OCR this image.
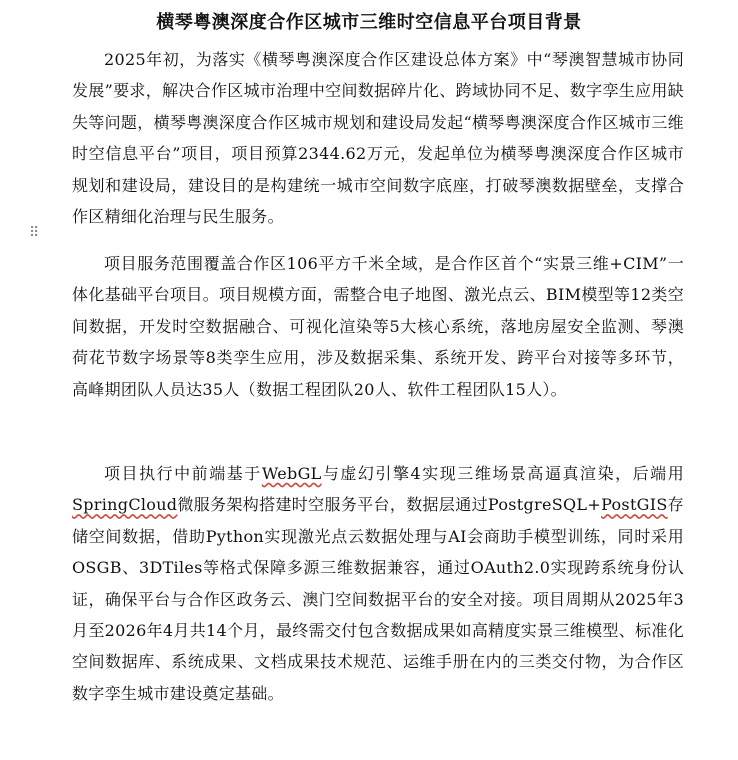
横琴粤澳深度合作区城市三维时空信息平台项目背景
⠿
2025年初，为落实《横琴粤澳深度合作区建设总体方案》中“琴澳智慧城市协同发展”要求，解决合作区城市治理中空间数据碎片化、跨域协同不足、数字孪生应用缺失等问题，横琴粤澳深度合作区城市规划和建设局发起“横琴粤澳深度合作区城市三维时空信息平台”项目，项目预算2344.62万元，发起单位为横琴粤澳深度合作区城市规划和建设局，建设目的是构建统一城市空间数字底座，打破琴澳数据壁垒，支撑合作区精细化治理与民生服务。
项目服务范围覆盖合作区106平方千米全域，是合作区首个“实景三维+CIM”一体化基础平台项目。项目规模方面，需整合电子地图、激光点云、BIM模型等12类空间数据，开发时空数据融合、可视化渲染等5大核心系统，落地房屋安全监测、琴澳荷花节数字场景等8类孪生应用，涉及数据采集、系统开发、跨平台对接等多环节，高峰期团队人员达35人（数据工程团队20人、软件工程团队15人）。
项目执行中前端基于WebGL与虚幻引擎4实现三维场景高逼真渲染，后端用SpringCloud微服务架构搭建时空服务平台，数据层通过PostgreSQL+PostGIS存储空间数据，借助Python实现激光点云数据处理与AI会商助手模型训练，同时采用OSGB、3DTiles等格式保障多源三维数据兼容，通过OAuth2.0实现跨系统身份认证，确保平台与合作区政务云、澳门空间数据平台的安全对接。项目周期从2025年3月至2026年4月共14个月，最终需交付包含数据成果如高精度实景三维模型、标准化空间数据库、系统成果、文档成果技术规范、运维手册在内的三类交付物，为合作区数字孪生城市建设奠定基础。
